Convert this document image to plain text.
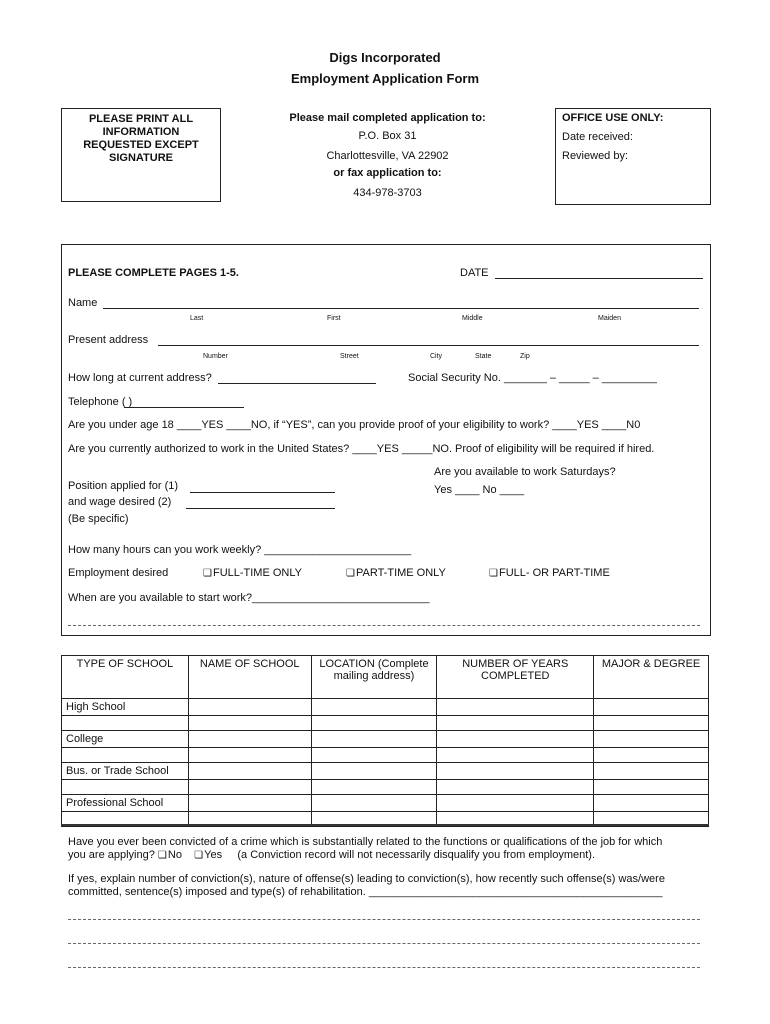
Digs Incorporated
Employment Application Form
PLEASE PRINT ALL INFORMATION REQUESTED EXCEPT SIGNATURE
Please mail completed application to:
P.O. Box 31
Charlottesville, VA 22902
or fax application to:
434-978-3703
OFFICE USE ONLY:
Date received:
Reviewed by:
PLEASE COMPLETE PAGES 1-5.	DATE
Name
Last	First	Middle	Maiden
Present address
Number	Street	City	State	Zip
How long at current address?	Social Security No. _______ – _____ – _________
Telephone ( )
Are you under age 18 ____YES ____NO, if “YES”, can you provide proof of your eligibility to work? ____YES ____N0
Are you currently authorized to work in the United States? ____YES _____NO. Proof of eligibility will be required if hired.
Are you available to work Saturdays?
Yes ____ No ____
Position applied for (1)
and wage desired (2)
(Be specific)
How many hours can you work weekly? ________________________
Employment desired	❏FULL-TIME ONLY	❏PART-TIME ONLY	❏FULL- OR PART-TIME
When are you available to start work?_____________________________
TYPE OF SCHOOL	NAME OF SCHOOL	LOCATION (Complete mailing address)	NUMBER OF YEARS COMPLETED	MAJOR & DEGREE
High School				

College				

Bus. or Trade School				

Professional School				

Have you ever been convicted of a crime which is substantially related to the functions or qualifications of the job for which
you are applying? ❏No ❏Yes (a Conviction record will not necessarily disqualify you from employment).
If yes, explain number of conviction(s), nature of offense(s) leading to conviction(s), how recently such offense(s) was/were
committed, sentence(s) imposed and type(s) of rehabilitation. ________________________________________________
